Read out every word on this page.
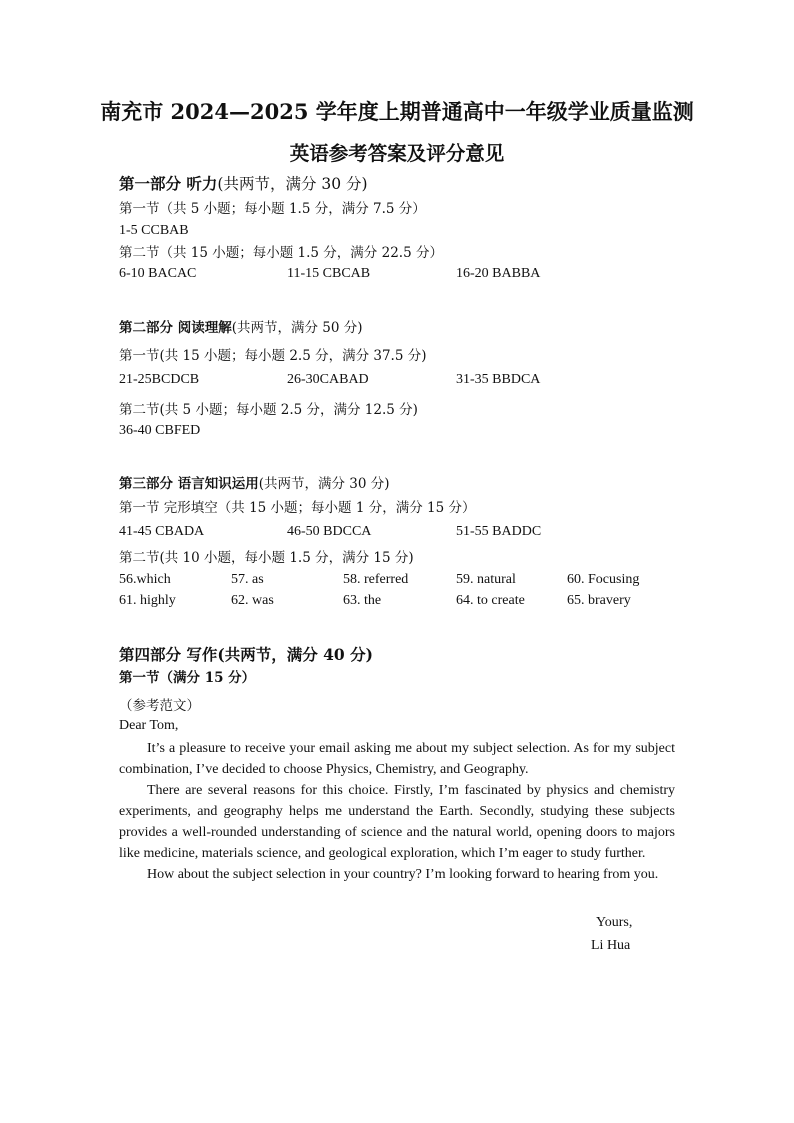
南充市 2024—2025 学年度上期普通高中一年级学业质量监测
英语参考答案及评分意见
第一部分 听力(共两节，满分 30 分)
第一节（共 5 小题；每小题 1.5 分，满分 7.5 分）
1-5 CCBAB
第二节（共 15 小题；每小题 1.5 分，满分 22.5 分）
6-10 BACAC	11-15 CBCAB	16-20 BABBA
第二部分 阅读理解(共两节，满分 50 分)
第一节(共 15 小题；每小题 2.5 分，满分 37.5 分)
21-25BCDCB	26-30CABAD	31-35 BBDCA
第二节(共 5 小题；每小题 2.5 分，满分 12.5 分)
36-40 CBFED
第三部分 语言知识运用(共两节，满分 30 分)
第一节 完形填空（共 15 小题；每小题 1 分，满分 15 分）
41-45 CBADA	46-50 BDCCA	51-55 BADDC
第二节(共 10 小题，每小题 1.5 分，满分 15 分)
56.which	57. as	58. referred	59. natural	60. Focusing
61. highly	62. was	63. the	64. to create	65. bravery
第四部分 写作(共两节，满分 40 分)
第一节（满分 15 分）
（参考范文）
Dear Tom,
It’s a pleasure to receive your email asking me about my subject selection. As for my subject combination, I’ve decided to choose Physics, Chemistry, and Geography.
There are several reasons for this choice. Firstly, I’m fascinated by physics and chemistry experiments, and geography helps me understand the Earth. Secondly, studying these subjects provides a well-rounded understanding of science and the natural world, opening doors to majors like medicine, materials science, and geological exploration, which I’m eager to study further.
How about the subject selection in your country? I’m looking forward to hearing from you.
Yours,
Li Hua
